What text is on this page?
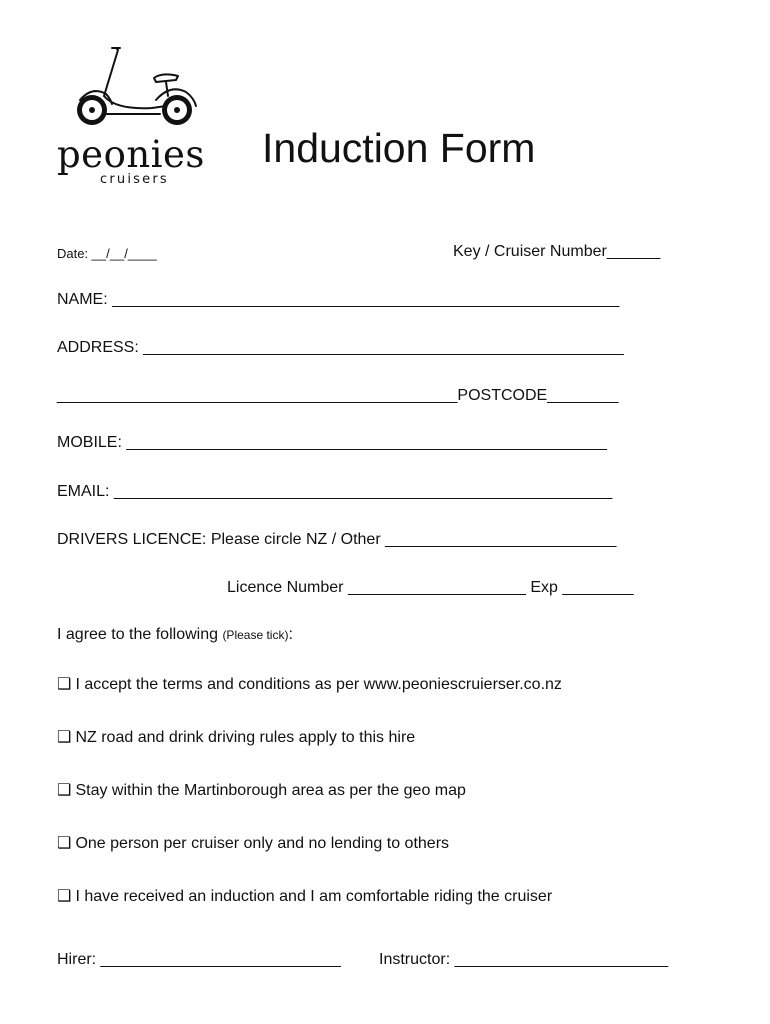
peonies
cruisers
Induction Form
Date: __/__/____	Key / Cruiser Number______
NAME: _________________________________________________________
ADDRESS: ______________________________________________________
_____________________________________________POSTCODE________
MOBILE: ______________________________________________________
EMAIL: ________________________________________________________
DRIVERS LICENCE: Please circle NZ / Other __________________________
Licence Number ____________________ Exp ________
I agree to the following (Please tick):
❑ I accept the terms and conditions as per www.peoniescruierser.co.nz
❑ NZ road and drink driving rules apply to this hire
❑ Stay within the Martinborough area as per the geo map
❑ One person per cruiser only and no lending to others
❑ I have received an induction and I am comfortable riding the cruiser
Hirer: ___________________________ Instructor: ________________________
